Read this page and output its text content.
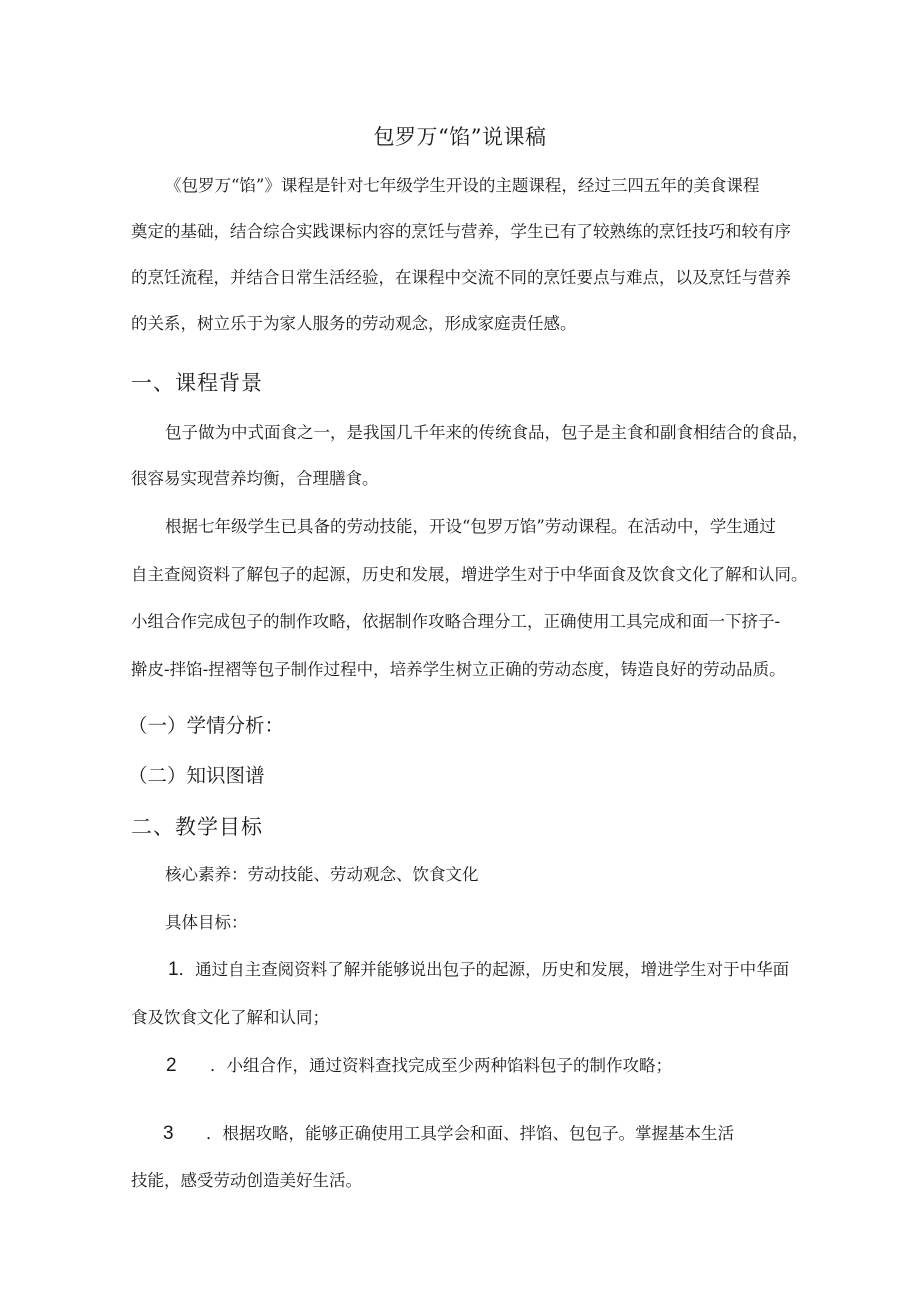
包罗万“馅”说课稿
《包罗万“馅”》课程是针对七年级学生开设的主题课程，经过三四五年的美食课程
奠定的基础，结合综合实践课标内容的烹饪与营养，学生已有了较熟练的烹饪技巧和较有序
的烹饪流程，并结合日常生活经验，在课程中交流不同的烹饪要点与难点，以及烹饪与营养
的关系，树立乐于为家人服务的劳动观念，形成家庭责任感。
一、课程背景
包子做为中式面食之一，是我国几千年来的传统食品，包子是主食和副食相结合的食品，
很容易实现营养均衡，合理膳食。
根据七年级学生已具备的劳动技能，开设“包罗万馅”劳动课程。在活动中，学生通过
自主查阅资料了解包子的起源，历史和发展，增进学生对于中华面食及饮食文化了解和认同。
小组合作完成包子的制作攻略，依据制作攻略合理分工，正确使用工具完成和面一下挤子-
擀皮-拌馅-捏褶等包子制作过程中，培养学生树立正确的劳动态度，铸造良好的劳动品质。
（一）学情分析：
（二）知识图谱
二、教学目标
核心素养：劳动技能、劳动观念、饮食文化
具体目标：
1．通过自主查阅资料了解并能够说出包子的起源，历史和发展，增进学生对于中华面
食及饮食文化了解和认同；
2 ．小组合作，通过资料查找完成至少两种馅料包子的制作攻略；
3 ．根据攻略，能够正确使用工具学会和面、拌馅、包包子。掌握基本生活
技能，感受劳动创造美好生活。
